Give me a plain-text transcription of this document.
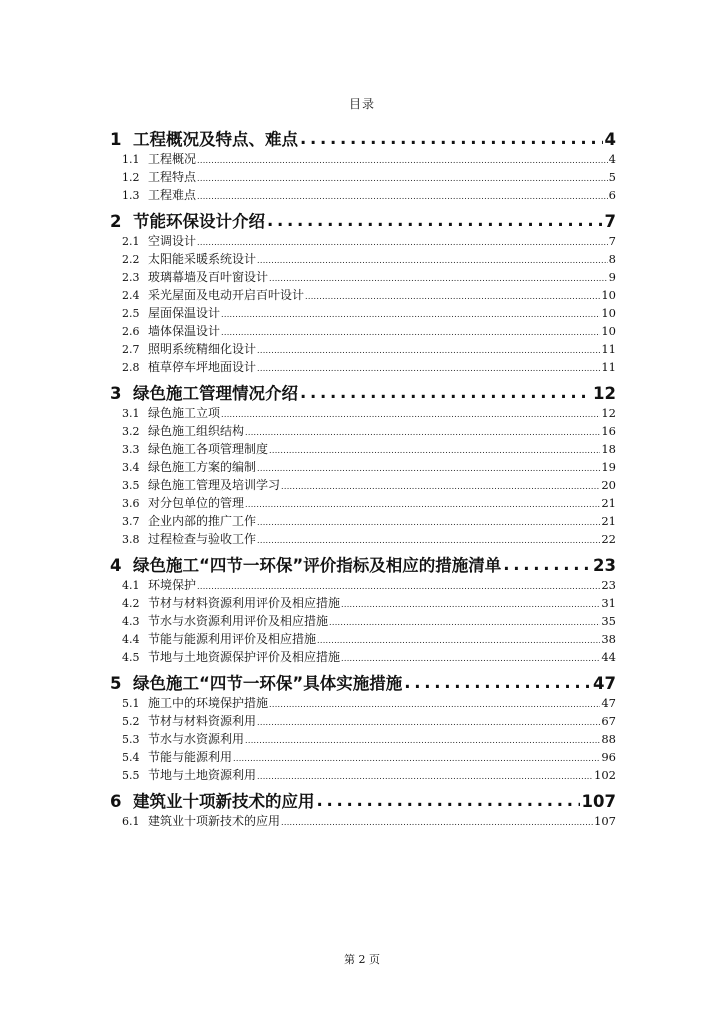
目录
1 工程概况及特点、难点 . . .	4
1.1 工程概况 .....	4
1.2 工程特点 .....	5
1.3 工程难点 .....	6
2 节能环保设计介绍 . . .	7
2.1 空调设计 .....	7
2.2 太阳能采暖系统设计 .....	8
2.3 玻璃幕墙及百叶窗设计 .....	9
2.4 采光屋面及电动开启百叶设计 .....	10
2.5 屋面保温设计 .....	10
2.6 墙体保温设计 .....	10
2.7 照明系统精细化设计 .....	11
2.8 植草停车坪地面设计 .....	11
3 绿色施工管理情况介绍 . . .	12
3.1 绿色施工立项 .....	12
3.2 绿色施工组织结构 .....	16
3.3 绿色施工各项管理制度 .....	18
3.4 绿色施工方案的编制 .....	19
3.5 绿色施工管理及培训学习 .....	20
3.6 对分包单位的管理 .....	21
3.7 企业内部的推广工作 .....	21
3.8 过程检查与验收工作 .....	22
4 绿色施工“四节一环保”评价指标及相应的措施清单 . . .	23
4.1 环境保护 .....	23
4.2 节材与材料资源利用评价及相应措施 .....	31
4.3 节水与水资源利用评价及相应措施 .....	35
4.4 节能与能源利用评价及相应措施 .....	38
4.5 节地与土地资源保护评价及相应措施 .....	44
5 绿色施工“四节一环保”具体实施措施 . . .	47
5.1 施工中的环境保护措施 .....	47
5.2 节材与材料资源利用 .....	67
5.3 节水与水资源利用 .....	88
5.4 节能与能源利用 .....	96
5.5 节地与土地资源利用 .....	102
6 建筑业十项新技术的应用 . . .	107
6.1 建筑业十项新技术的应用 .....	107
第 2 页
